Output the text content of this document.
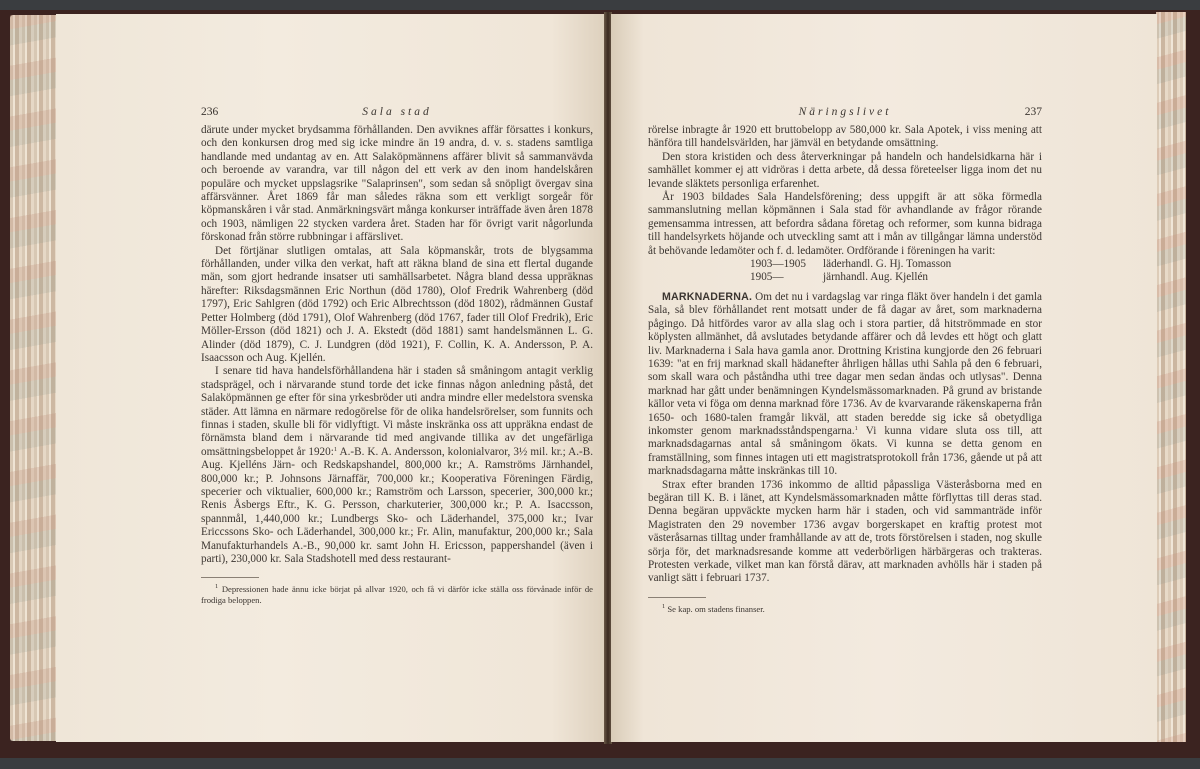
236	Sala stad

därute under mycket brydsamma förhållanden. Den avviknes affär försattes i konkurs, och den konkursen drog med sig icke mindre än 19 andra, d. v. s. stadens samtliga handlande med undantag av en. Att Salaköpmännens affärer blivit så sammanvävda och beroende av varandra, var till någon del ett verk av den inom handelskåren populäre och mycket uppslagsrike "Salaprinsen", som sedan så snöpligt övergav sina affärsvänner. Året 1869 får man således räkna som ett verkligt sorgeår för köpmanskåren i vår stad. Anmärkningsvärt många konkurser inträffade även åren 1878 och 1903, nämligen 22 stycken vardera året. Staden har för övrigt varit någorlunda förskonad från större rubbningar i affärslivet.

Det förtjänar slutligen omtalas, att Sala köpmanskår, trots de blygsamma förhållanden, under vilka den verkat, haft att räkna bland de sina ett flertal dugande män, som gjort hedrande insatser uti samhällsarbetet. Några bland dessa uppräknas härefter: Riksdagsmännen Eric Northun (död 1780), Olof Fredrik Wahrenberg (död 1797), Eric Sahlgren (död 1792) och Eric Albrechtsson (död 1802), rådmännen Gustaf Petter Holmberg (död 1791), Olof Wahrenberg (död 1767, fader till Olof Fredrik), Eric Möller-Ersson (död 1821) och J. A. Ekstedt (död 1881) samt handelsmännen L. G. Alinder (död 1879), C. J. Lundgren (död 1921), F. Collin, K. A. Andersson, P. A. Isaacsson och Aug. Kjellén.

I senare tid hava handelsförhållandena här i staden så småningom antagit verklig stadsprägel, och i närvarande stund torde det icke finnas någon anledning påstå, det Salaköpmännen ge efter för sina yrkesbröder uti andra mindre eller medelstora svenska städer. Att lämna en närmare redogörelse för de olika handelsrörelser, som funnits och finnas i staden, skulle bli för vidlyftigt. Vi måste inskränka oss att uppräkna endast de förnämsta bland dem i närvarande tid med angivande tillika av det ungefärliga omsättningsbeloppet år 1920:$^1$ A.-B. K. A. Andersson, kolonialvaror, 3½ mil. kr.; A.-B. Aug. Kjelléns Järn- och Redskapshandel, 800,000 kr.; A. Ramströms Järnhandel, 800,000 kr.; P. Johnsons Järnaffär, 700,000 kr.; Kooperativa Föreningen Färdig, specerier och viktualier, 600,000 kr.; Ramström och Larsson, specerier, 300,000 kr.; Renis Åsbergs Eftr., K. G. Persson, charkuterier, 300,000 kr.; P. A. Isaccsson, spannmål, 1,440,000 kr.; Lundbergs Sko- och Läderhandel, 375,000 kr.; Ivar Ericcssons Sko- och Läderhandel, 300,000 kr.; Fr. Alin, manufaktur, 200,000 kr.; Sala Manufakturhandels A.-B., 90,000 kr. samt John H. Ericsson, pappershandel (även i parti), 230,000 kr. Sala Stadshotell med dess restaurant-

$^1$ Depressionen hade ännu icke börjat på allvar 1920, och få vi därför icke ställa oss förvånade inför de frodiga beloppen.

Näringslivet	237

rörelse inbragte år 1920 ett bruttobelopp av 580,000 kr. Sala Apotek, i viss mening att hänföra till handelsvärlden, har jämväl en betydande omsättning.

Den stora kristiden och dess återverkningar på handeln och handelsidkarna här i samhället kommer ej att vidröras i detta arbete, då dessa företeelser ligga inom det nu levande släktets personliga erfarenhet.

År 1903 bildades Sala Handelsförening; dess uppgift är att söka förmedla sammanslutning mellan köpmännen i Sala stad för avhandlande av frågor rörande gemensamma intressen, att befordra sådana företag och reformer, som kunna bidraga till handelsyrkets höjande och utveckling samt att i mån av tillgångar lämna understöd åt behövande ledamöter och f. d. ledamöter. Ordförande i föreningen ha varit:

1903—1905	läderhandl. G. Hj. Tomasson
1905—	järnhandl. Aug. Kjellén

MARKNADERNA. Om det nu i vardagslag var ringa fläkt över handeln i det gamla Sala, så blev förhållandet rent motsatt under de få dagar av året, som marknaderna pågingo. Då hitfördes varor av alla slag och i stora partier, då hitströmmade en stor köplysten allmänhet, då avslutades betydande affärer och då levdes ett högt och glatt liv. Marknaderna i Sala hava gamla anor. Drottning Kristina kungjorde den 26 februari 1639: "at en frij marknad skall hädanefter åhrligen hållas uthi Sahla på den 6 februari, som skall wara och påståndha uthi tree dagar men sedan ändas och utlysas". Denna marknad har gått under benämningen Kyndelsmässomarknaden. På grund av bristande källor veta vi föga om denna marknad före 1736. Av de kvarvarande räkenskaperna från 1650- och 1680-talen framgår likväl, att staden beredde sig icke så obetydliga inkomster genom marknadsståndspengarna.$^1$ Vi kunna vidare sluta oss till, att marknadsdagarnas antal så småningom ökats. Vi kunna se detta genom en framställning, som finnes intagen uti ett magistratsprotokoll från 1736, gående ut på att marknadsdagarna måtte inskränkas till 10.

Strax efter branden 1736 inkommo de alltid påpassliga Västeråsborna med en begäran till K. B. i länet, att Kyndelsmässomarknaden måtte förflyttas till deras stad. Denna begäran uppväckte mycken harm här i staden, och vid sammanträde inför Magistraten den 29 november 1736 avgav borgerskapet en kraftig protest mot västeråsarnas tilltag under framhållande av att de, trots förstörelsen i staden, nog skulle sörja för, det marknadsresande komme att vederbörligen härbärgeras och trakteras. Protesten verkade, vilket man kan förstå därav, att marknaden avhölls här i staden på vanligt sätt i februari 1737.

$^1$ Se kap. om stadens finanser.
